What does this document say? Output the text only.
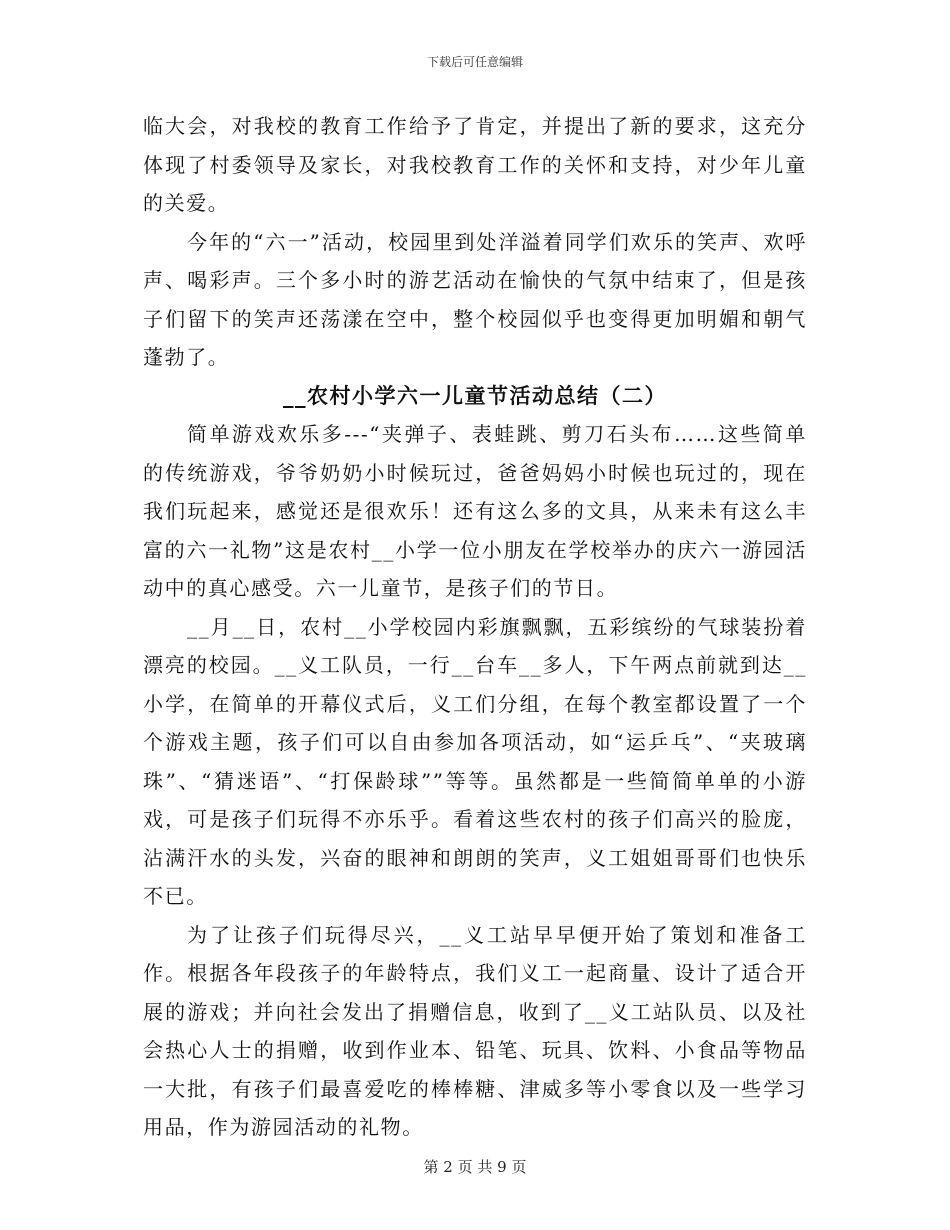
下载后可任意编辑

临大会，对我校的教育工作给予了肯定，并提出了新的要求，这充分体现了村委领导及家长，对我校教育工作的关怀和支持，对少年儿童的关爱。

今年的“六一”活动，校园里到处洋溢着同学们欢乐的笑声、欢呼声、喝彩声。三个多小时的游艺活动在愉快的气氛中结束了，但是孩子们留下的笑声还荡漾在空中，整个校园似乎也变得更加明媚和朝气蓬勃了。

__农村小学六一儿童节活动总结（二）

简单游戏欢乐多---“夹弹子、表蛙跳、剪刀石头布……这些简单的传统游戏，爷爷奶奶小时候玩过，爸爸妈妈小时候也玩过的，现在我们玩起来，感觉还是很欢乐！还有这么多的文具，从来未有这么丰富的六一礼物”这是农村__小学一位小朋友在学校举办的庆六一游园活动中的真心感受。六一儿童节，是孩子们的节日。

__月__日，农村__小学校园内彩旗飘飘，五彩缤纷的气球装扮着漂亮的校园。__义工队员，一行__台车__多人，下午两点前就到达__小学，在简单的开幕仪式后，义工们分组，在每个教室都设置了一个个游戏主题，孩子们可以自由参加各项活动，如“运乒乓”、“夹玻璃珠”、“猜迷语”、“打保龄球””等等。虽然都是一些简简单单的小游戏，可是孩子们玩得不亦乐乎。看着这些农村的孩子们高兴的脸庞，沾满汗水的头发，兴奋的眼神和朗朗的笑声，义工姐姐哥哥们也快乐不已。

为了让孩子们玩得尽兴，__义工站早早便开始了策划和准备工作。根据各年段孩子的年龄特点，我们义工一起商量、设计了适合开展的游戏；并向社会发出了捐赠信息，收到了__义工站队员、以及社会热心人士的捐赠，收到作业本、铅笔、玩具、饮料、小食品等物品一大批，有孩子们最喜爱吃的棒棒糖、津威多等小零食以及一些学习用品，作为游园活动的礼物。

第 2 页 共 9 页
